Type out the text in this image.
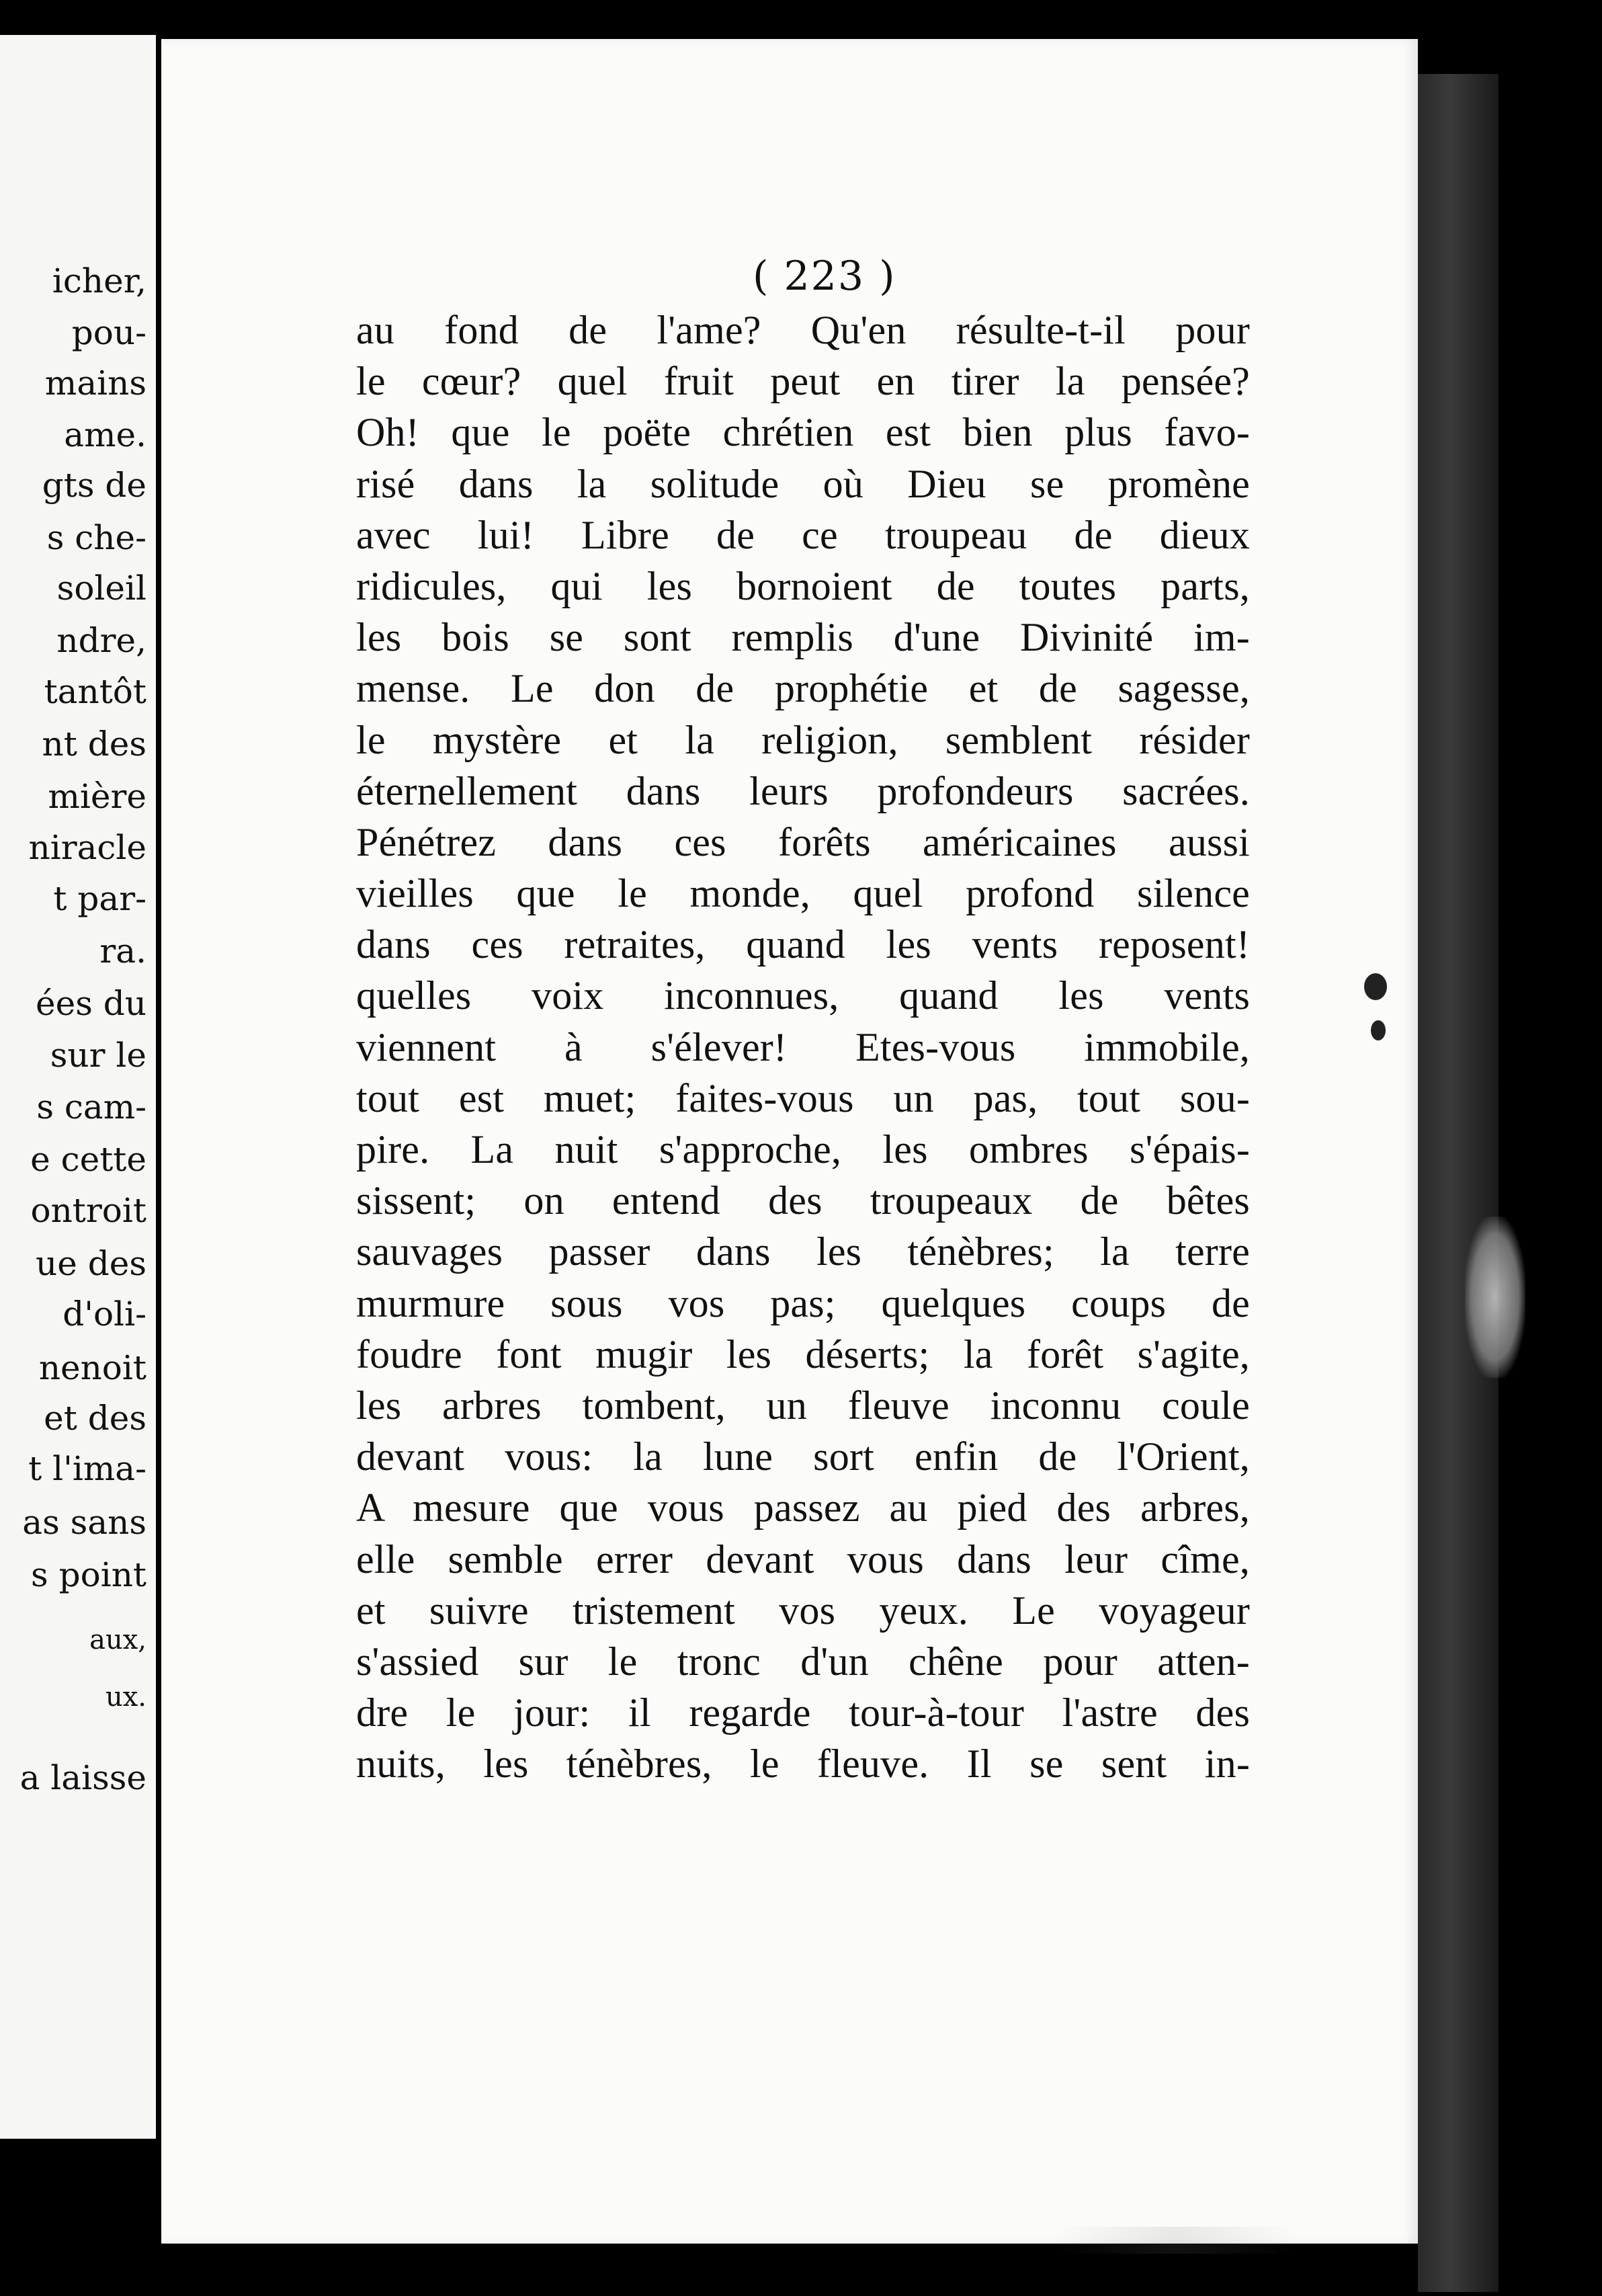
icher,
pou-
mains
ame.
gts de
s che-
soleil
ndre,
tantôt
nt des
mière
niracle
t par-
ra.
ées du
sur le
s cam-
e cette
ontroit
ue des
d'oli-
nenoit
et des
t l'ima-
as sans
s point
aux,
ux.
a laisse
( 223 )
au fond de l'ame? Qu'en résulte-t-il pour
le cœur? quel fruit peut en tirer la pensée?
Oh! que le poëte chrétien est bien plus favo-
risé dans la solitude où Dieu se promène
avec lui! Libre de ce troupeau de dieux
ridicules, qui les bornoient de toutes parts,
les bois se sont remplis d'une Divinité im-
mense. Le don de prophétie et de sagesse,
le mystère et la religion, semblent résider
éternellement dans leurs profondeurs sacrées.
Pénétrez dans ces forêts américaines aussi
vieilles que le monde, quel profond silence
dans ces retraites, quand les vents reposent!
quelles voix inconnues, quand les vents
viennent à s'élever! Etes-vous immobile,
tout est muet; faites-vous un pas, tout sou-
pire. La nuit s'approche, les ombres s'épais-
sissent; on entend des troupeaux de bêtes
sauvages passer dans les ténèbres; la terre
murmure sous vos pas; quelques coups de
foudre font mugir les déserts; la forêt s'agite,
les arbres tombent, un fleuve inconnu coule
devant vous: la lune sort enfin de l'Orient,
A mesure que vous passez au pied des arbres,
elle semble errer devant vous dans leur cîme,
et suivre tristement vos yeux. Le voyageur
s'assied sur le tronc d'un chêne pour atten-
dre le jour: il regarde tour-à-tour l'astre des
nuits, les ténèbres, le fleuve. Il se sent in-
